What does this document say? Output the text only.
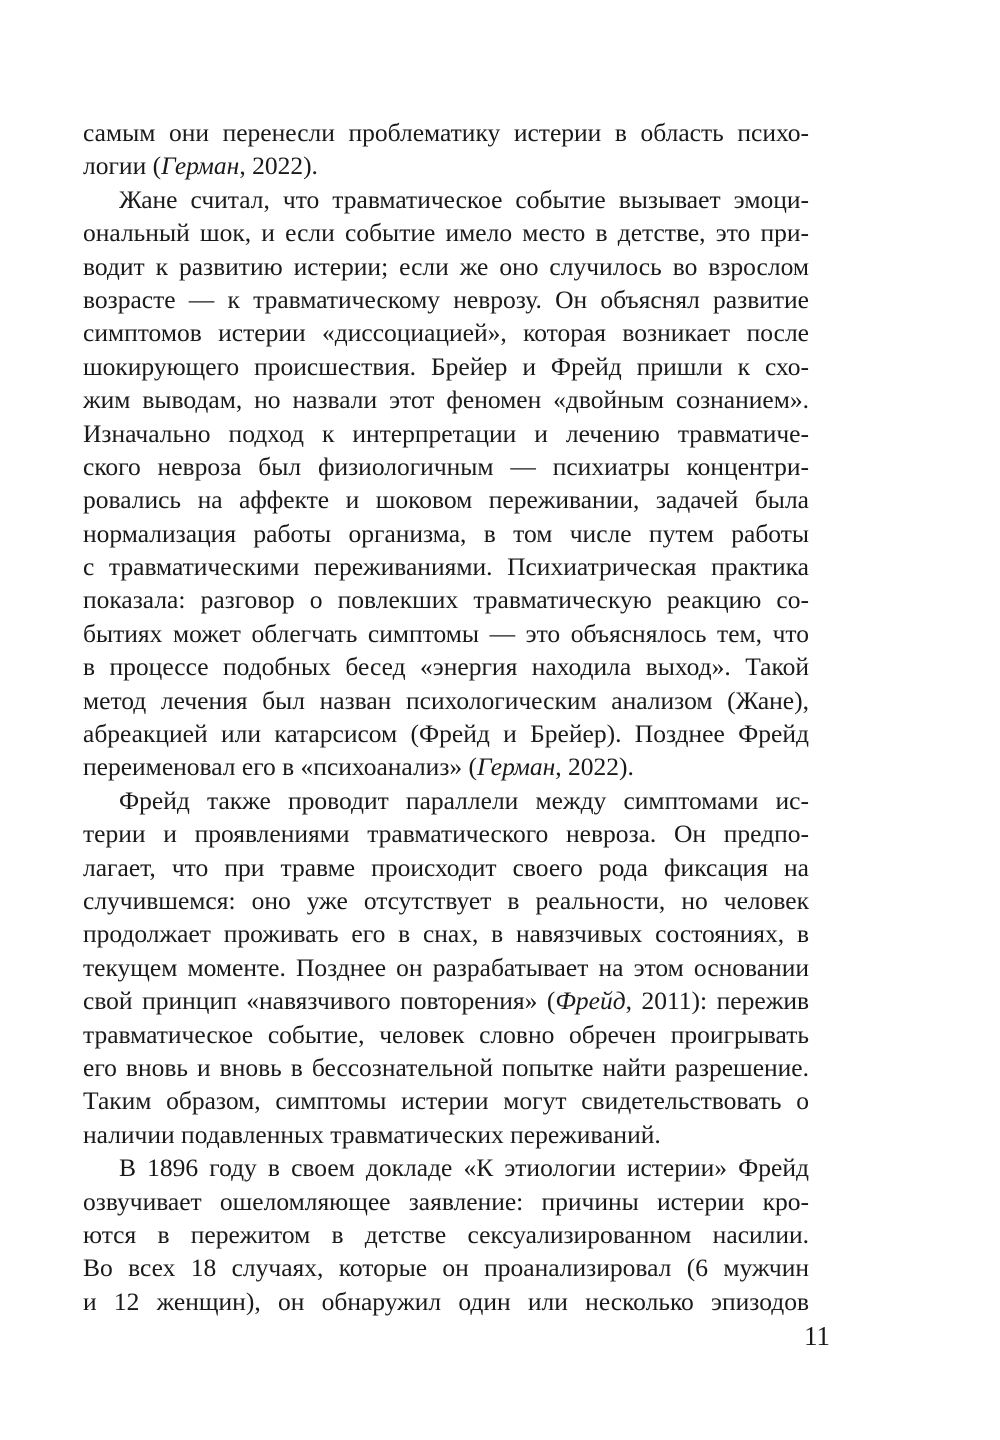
самым они перенесли проблематику истерии в область психо-
логии (Герман, 2022).
Жане считал, что травматическое событие вызывает эмоци-
ональный шок, и если событие имело место в детстве, это при-
водит к развитию истерии; если же оно случилось во взрослом
возрасте — к травматическому неврозу. Он объяснял развитие
симптомов истерии «диссоциацией», которая возникает после
шокирующего происшествия. Брейер и Фрейд пришли к схо-
жим выводам, но назвали этот феномен «двойным сознанием».
Изначально подход к интерпретации и лечению травматиче-
ского невроза был физиологичным — психиатры концентри-
ровались на аффекте и шоковом переживании, задачей была
нормализация работы организма, в том числе путем работы
с травматическими переживаниями. Психиатрическая практика
показала: разговор о повлекших травматическую реакцию со-
бытиях может облегчать симптомы — это объяснялось тем, что
в процессе подобных бесед «энергия находила выход». Такой
метод лечения был назван психологическим анализом (Жане),
абреакцией или катарсисом (Фрейд и Брейер). Позднее Фрейд
переименовал его в «психоанализ» (Герман, 2022).
Фрейд также проводит параллели между симптомами ис-
терии и проявлениями травматического невроза. Он предпо-
лагает, что при травме происходит своего рода фиксация на
случившемся: оно уже отсутствует в реальности, но человек
продолжает проживать его в снах, в навязчивых состояниях, в
текущем моменте. Позднее он разрабатывает на этом основании
свой принцип «навязчивого повторения» (Фрейд, 2011): пережив
травматическое событие, человек словно обречен проигрывать
его вновь и вновь в бессознательной попытке найти разрешение.
Таким образом, симптомы истерии могут свидетельствовать о
наличии подавленных травматических переживаний.
В 1896 году в своем докладе «К этиологии истерии» Фрейд
озвучивает ошеломляющее заявление: причины истерии кро-
ются в пережитом в детстве сексуализированном насилии.
Во всех 18 случаях, которые он проанализировал (6 мужчин
и 12 женщин), он обнаружил один или несколько эпизодов
11
